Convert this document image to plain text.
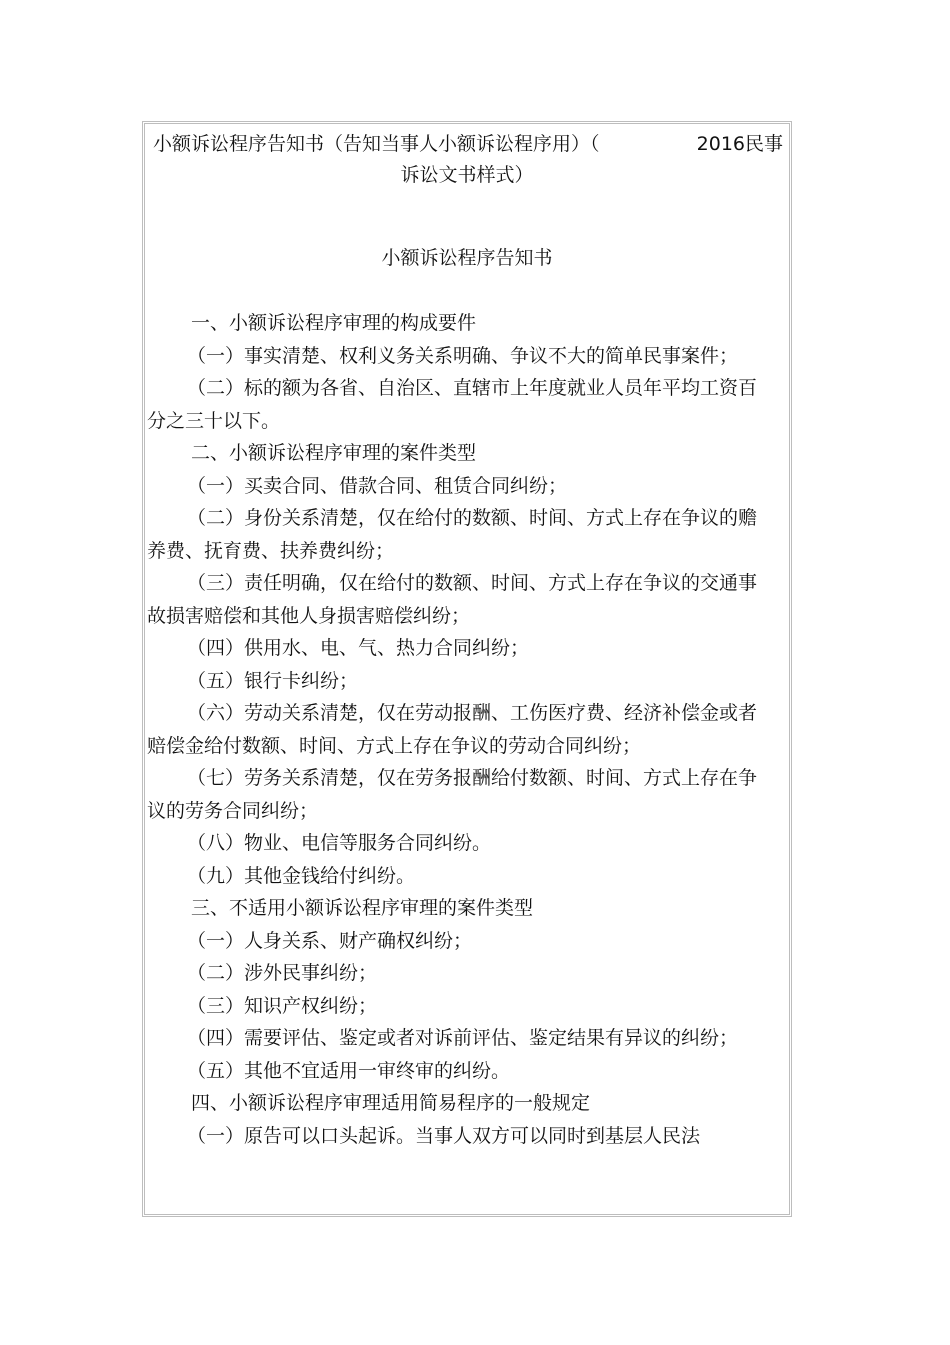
小额诉讼程序告知书（告知当事人小额诉讼程序用）（	2016民事
诉讼文书样式）
小额诉讼程序告知书

一、小额诉讼程序审理的构成要件

（一）事实清楚、权利义务关系明确、争议不大的简单民事案件；

（二）标的额为各省、自治区、直辖市上年度就业人员年平均工资百分之三十以下。

二、小额诉讼程序审理的案件类型

（一）买卖合同、借款合同、租赁合同纠纷；

（二）身份关系清楚，仅在给付的数额、时间、方式上存在争议的赡养费、抚育费、扶养费纠纷；

（三）责任明确，仅在给付的数额、时间、方式上存在争议的交通事故损害赔偿和其他人身损害赔偿纠纷；

（四）供用水、电、气、热力合同纠纷；

（五）银行卡纠纷；

（六）劳动关系清楚，仅在劳动报酬、工伤医疗费、经济补偿金或者赔偿金给付数额、时间、方式上存在争议的劳动合同纠纷；

（七）劳务关系清楚，仅在劳务报酬给付数额、时间、方式上存在争议的劳务合同纠纷；

（八）物业、电信等服务合同纠纷。

（九）其他金钱给付纠纷。

三、不适用小额诉讼程序审理的案件类型

（一）人身关系、财产确权纠纷；

（二）涉外民事纠纷；

（三）知识产权纠纷；

（四）需要评估、鉴定或者对诉前评估、鉴定结果有异议的纠纷；

（五）其他不宜适用一审终审的纠纷。

四、小额诉讼程序审理适用简易程序的一般规定

（一）原告可以口头起诉。当事人双方可以同时到基层人民法
